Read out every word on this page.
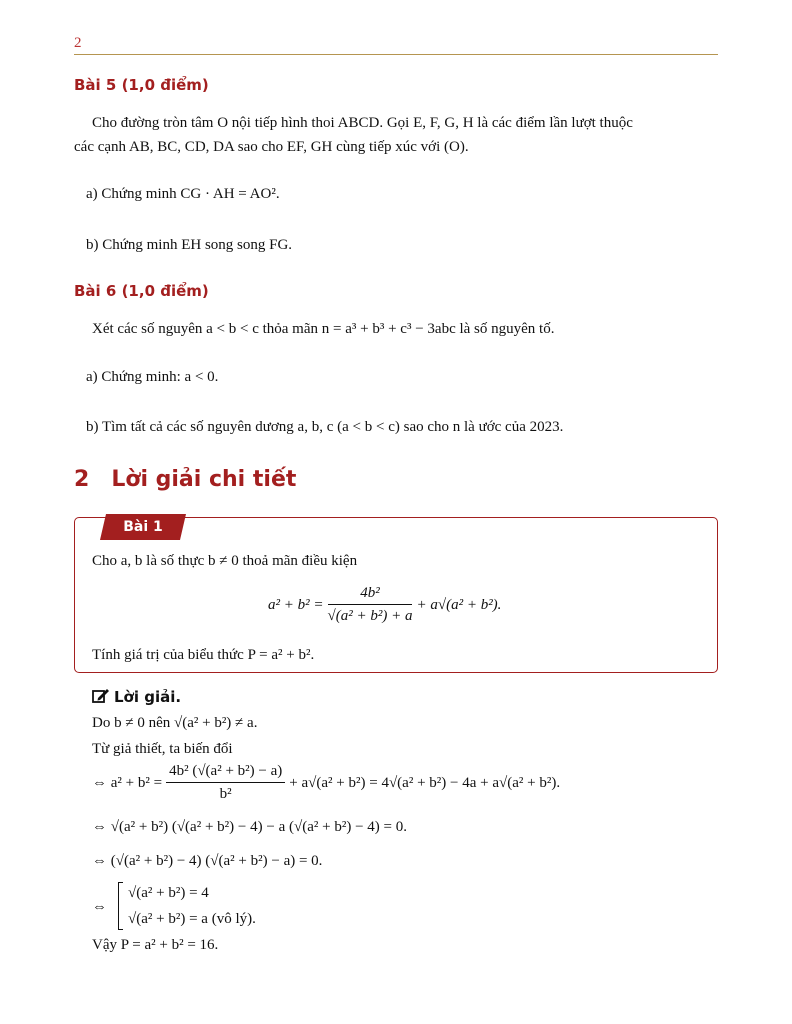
2
Bài 5 (1,0 điểm)
Cho đường tròn tâm O nội tiếp hình thoi ABCD. Gọi E, F, G, H là các điểm lần lượt thuộc
các cạnh AB, BC, CD, DA sao cho EF, GH cùng tiếp xúc với (O).
a) Chứng minh CG · AH = AO².
b) Chứng minh EH song song FG.
Bài 6 (1,0 điểm)
Xét các số nguyên a < b < c thỏa mãn n = a³ + b³ + c³ − 3abc là số nguyên tố.
a) Chứng minh: a < 0.
b) Tìm tất cả các số nguyên dương a, b, c (a < b < c) sao cho n là ước của 2023.
2 Lời giải chi tiết
Bài 1
Cho a, b là số thực b ≠ 0 thoả mãn điều kiện
$a^2 + b^2 = \frac{\text{4b²}}{\text{√(a² + b²) + a}} + a√(a^2 + b^2)$.
Tính giá trị của biểu thức P = a² + b².
Lời giải.
Do b ≠ 0 nên √(a² + b²) ≠ a.
Từ giả thiết, ta biến đổi
⇔ $a^2 + b^2 = \frac{\text{4b² (√(a² + b²) − a)}}{\text{b²}} + a√(a^2 + b^2) = 4√(a^2 + b^2) - 4a + a√(a^2 + b^2)$.
⇔ √(a² + b²) (√(a² + b²) − 4) − a (√(a² + b²) − 4) = 0.
⇔ (√(a² + b²) − 4) (√(a² + b²) − a) = 0.
⇔
√(a² + b²) = 4
√(a² + b²) = a (vô lý).
Vậy P = a² + b² = 16.
